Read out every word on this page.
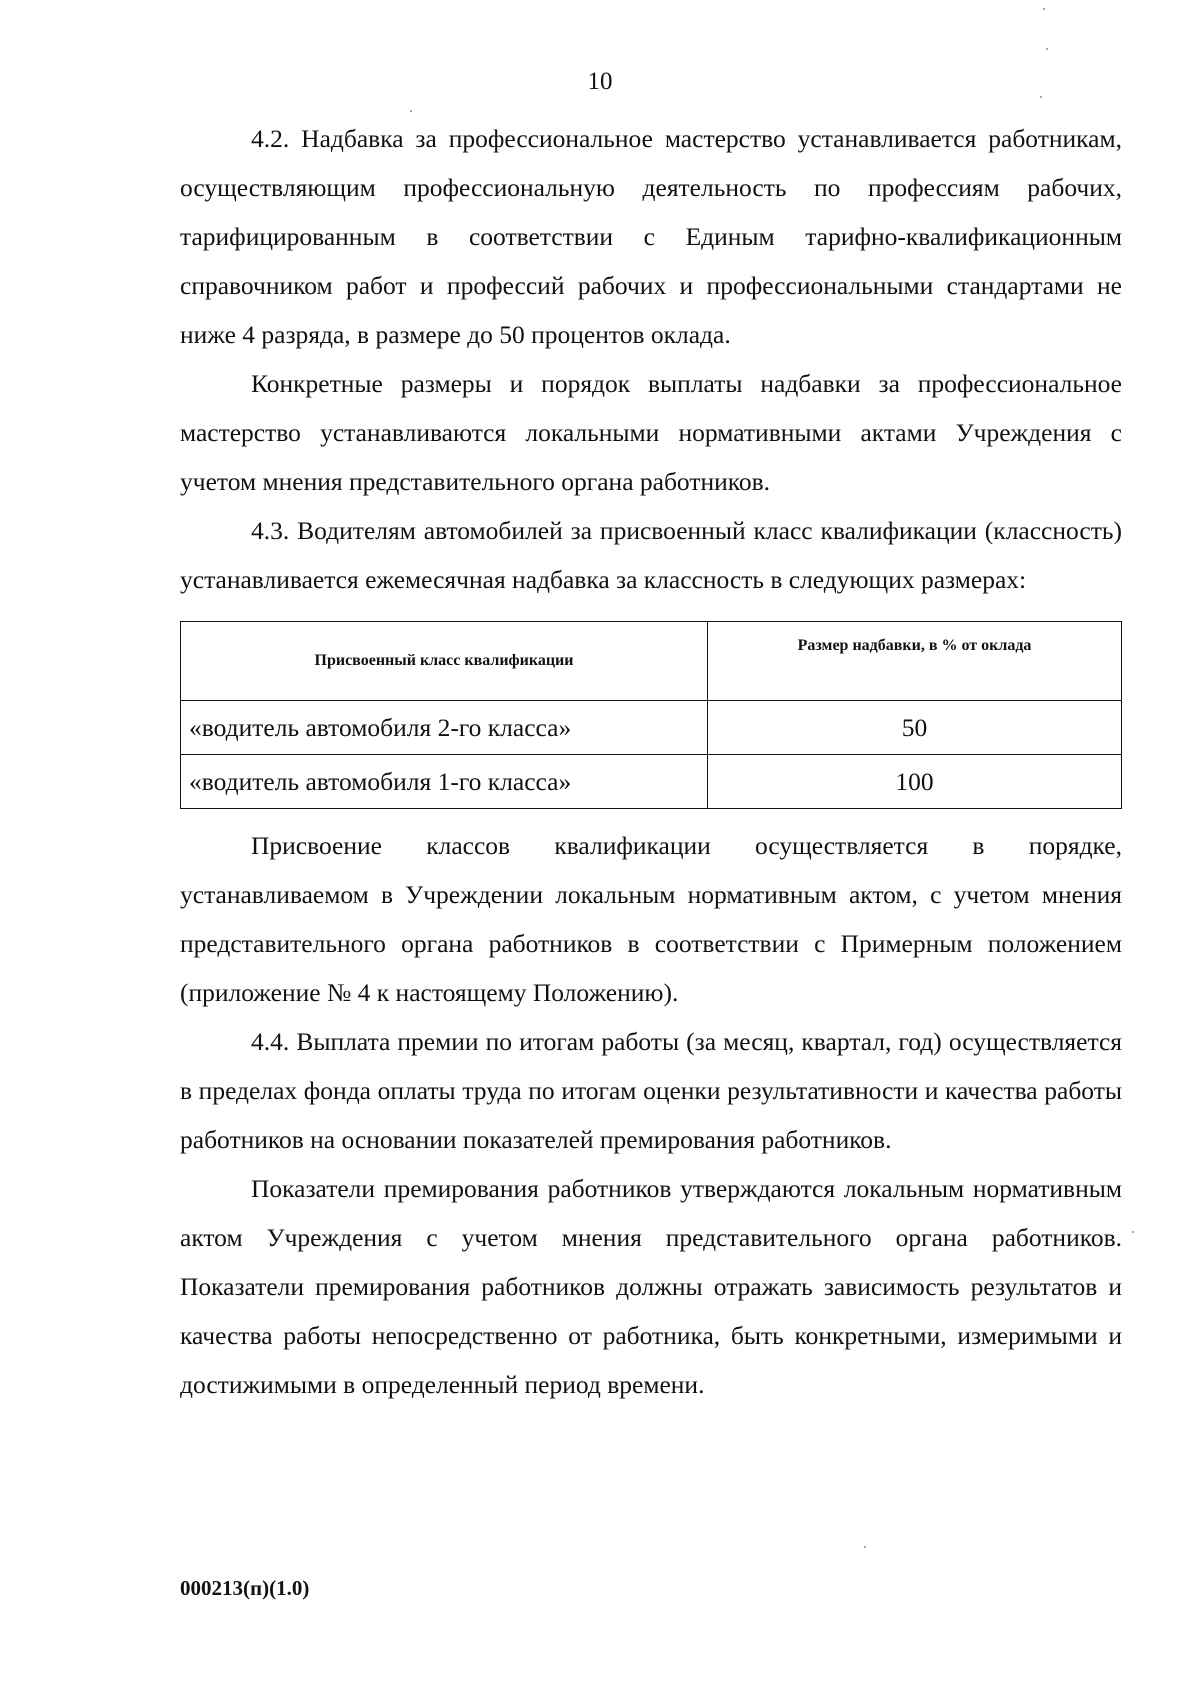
10

4.2. Надбавка за профессиональное мастерство устанавливается работникам, осуществляющим профессиональную деятельность по профессиям рабочих, тарифицированным в соответствии с Единым тарифно-квалификационным справочником работ и профессий рабочих и профессиональными стандартами не ниже 4 разряда, в размере до 50 процентов оклада.

Конкретные размеры и порядок выплаты надбавки за профессиональное мастерство устанавливаются локальными нормативными актами Учреждения с учетом мнения представительного органа работников.

4.3. Водителям автомобилей за присвоенный класс квалификации (классность) устанавливается ежемесячная надбавка за классность в следующих размерах:

Присвоенный класс квалификации	Размер надбавки, в % от оклада
«водитель автомобиля 2-го класса»	50
«водитель автомобиля 1-го класса»	100

Присвоение классов квалификации осуществляется в порядке, устанавливаемом в Учреждении локальным нормативным актом, с учетом мнения представительного органа работников в соответствии с Примерным положением (приложение № 4 к настоящему Положению).

4.4. Выплата премии по итогам работы (за месяц, квартал, год) осуществляется в пределах фонда оплаты труда по итогам оценки результативности и качества работы работников на основании показателей премирования работников.

Показатели премирования работников утверждаются локальным нормативным актом Учреждения с учетом мнения представительного органа работников. Показатели премирования работников должны отражать зависимость результатов и качества работы непосредственно от работника, быть конкретными, измеримыми и достижимыми в определенный период времени.

000213(п)(1.0)
